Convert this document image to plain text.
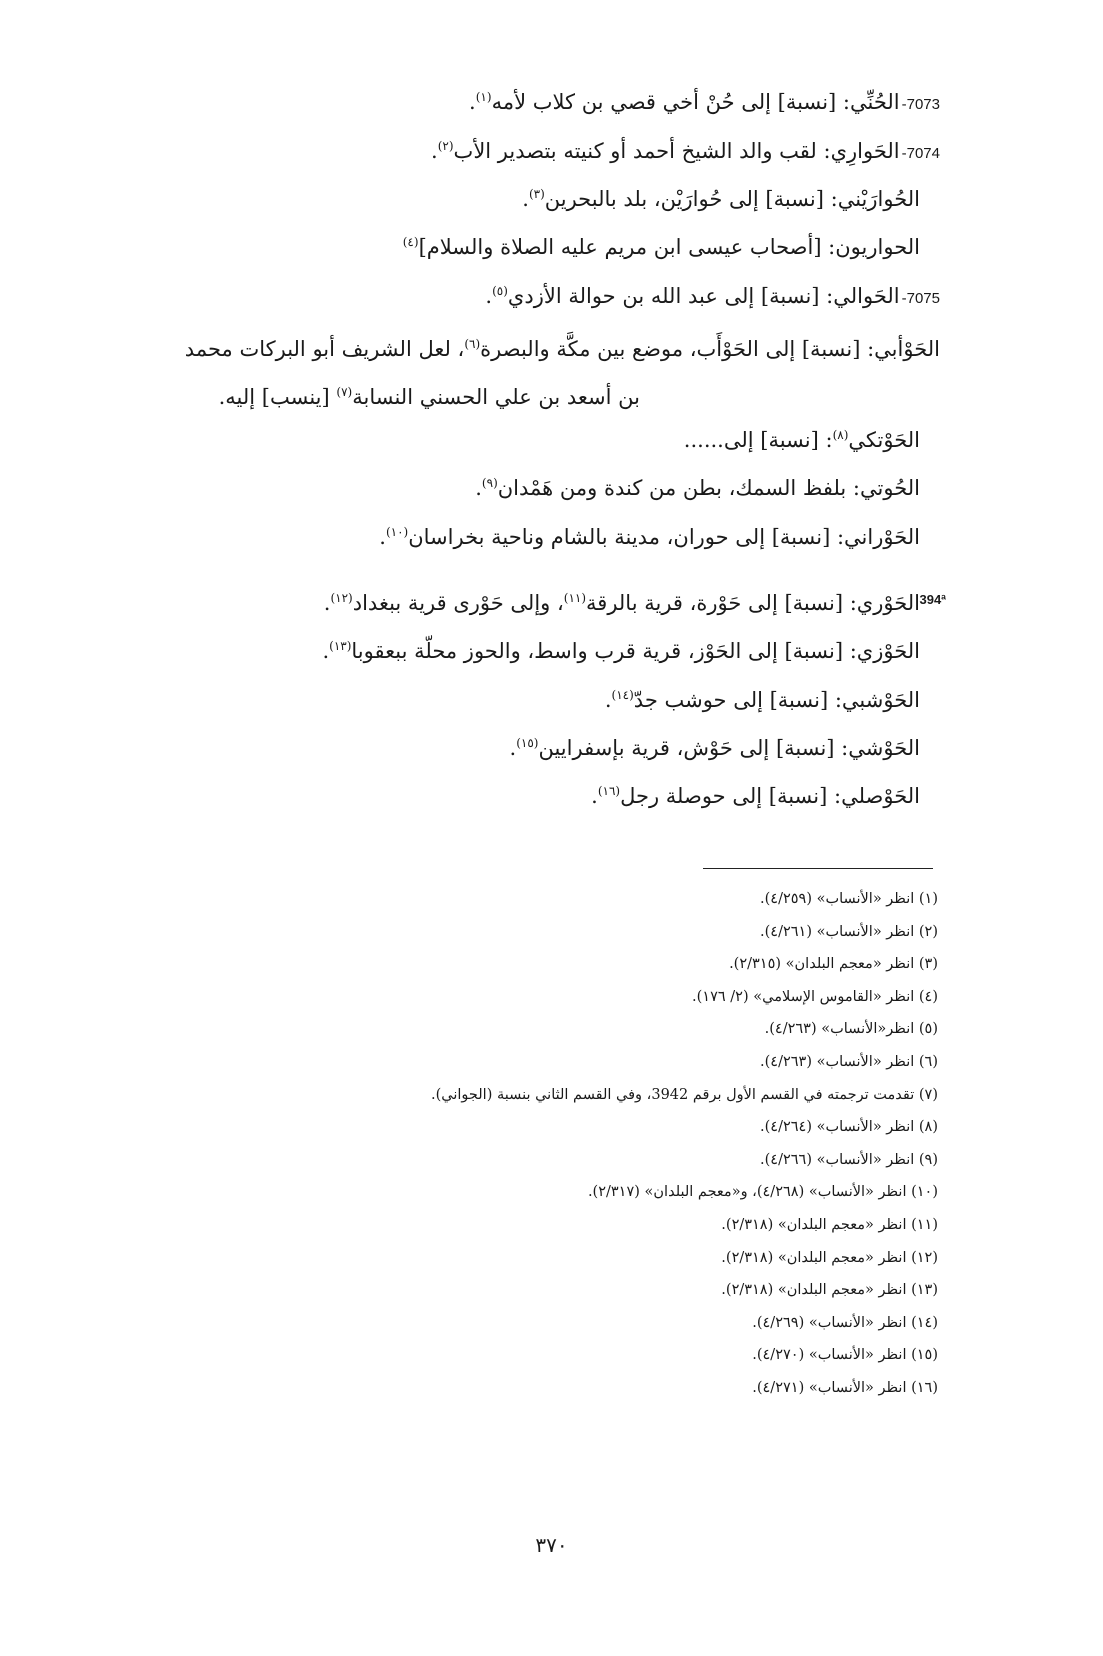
7073-الحُنِّي: [نسبة] إلى حُنْ أخي قصي بن كلاب لأمه$^{(١)}$.
7074-الحَوارِي: لقب والد الشيخ أحمد أو كنيته بتصدير الأب$^{(٢)}$.
الحُوارَيْني: [نسبة] إلى حُوارَيْن، بلد بالبحرين$^{(٣)}$.
الحواريون: [أصحاب عيسى ابن مريم عليه الصلاة والسلام]$^{(٤)}$
7075-الحَوالي: [نسبة] إلى عبد الله بن حوالة الأزدي$^{(٥)}$.
الحَوْأبي: [نسبة] إلى الحَوْأَب، موضع بين مكَّة والبصرة$^{(٦)}$، لعل الشريف أبو البركات محمد
بن أسعد بن علي الحسني النسابة$^{(٧)}$ [ينسب] إليه.
الحَوْتكي$^{(٨)}$: [نسبة] إلى......
الحُوتي: بلفظ السمك، بطن من كندة ومن هَمْدان$^{(٩)}$.
الحَوْراني: [نسبة] إلى حوران، مدينة بالشام وناحية بخراسان$^{(١٠)}$.
394ª
الحَوْري: [نسبة] إلى حَوْرة، قرية بالرقة$^{(١١)}$، وإلى حَوْرى قرية ببغداد$^{(١٢)}$.
الحَوْزي: [نسبة] إلى الحَوْز، قرية قرب واسط، والحوز محلّة ببعقوبا$^{(١٣)}$.
الحَوْشبي: [نسبة] إلى حوشب جدّ$^{(١٤)}$.
الحَوْشي: [نسبة] إلى حَوْش، قرية بإسفرايين$^{(١٥)}$.
الحَوْصلي: [نسبة] إلى حوصلة رجل$^{(١٦)}$.
(١) انظر «الأنساب» (٤/٢٥٩).
(٢) انظر «الأنساب» (٤/٢٦١).
(٣) انظر «معجم البلدان» (٢/٣١٥).
(٤) انظر «القاموس الإسلامي» (٢/ ١٧٦).
(٥) انظر«الأنساب» (٤/٢٦٣).
(٦) انظر «الأنساب» (٤/٢٦٣).
(٧) تقدمت ترجمته في القسم الأول برقم 3942، وفي القسم الثاني بنسبة (الجواني).
(٨) انظر «الأنساب» (٤/٢٦٤).
(٩) انظر «الأنساب» (٤/٢٦٦).
(١٠) انظر «الأنساب» (٤/٢٦٨)، و«معجم البلدان» (٢/٣١٧).
(١١) انظر «معجم البلدان» (٢/٣١٨).
(١٢) انظر «معجم البلدان» (٢/٣١٨).
(١٣) انظر «معجم البلدان» (٢/٣١٨).
(١٤) انظر «الأنساب» (٤/٢٦٩).
(١٥) انظر «الأنساب» (٤/٢٧٠).
(١٦) انظر «الأنساب» (٤/٢٧١).
٣٧٠
